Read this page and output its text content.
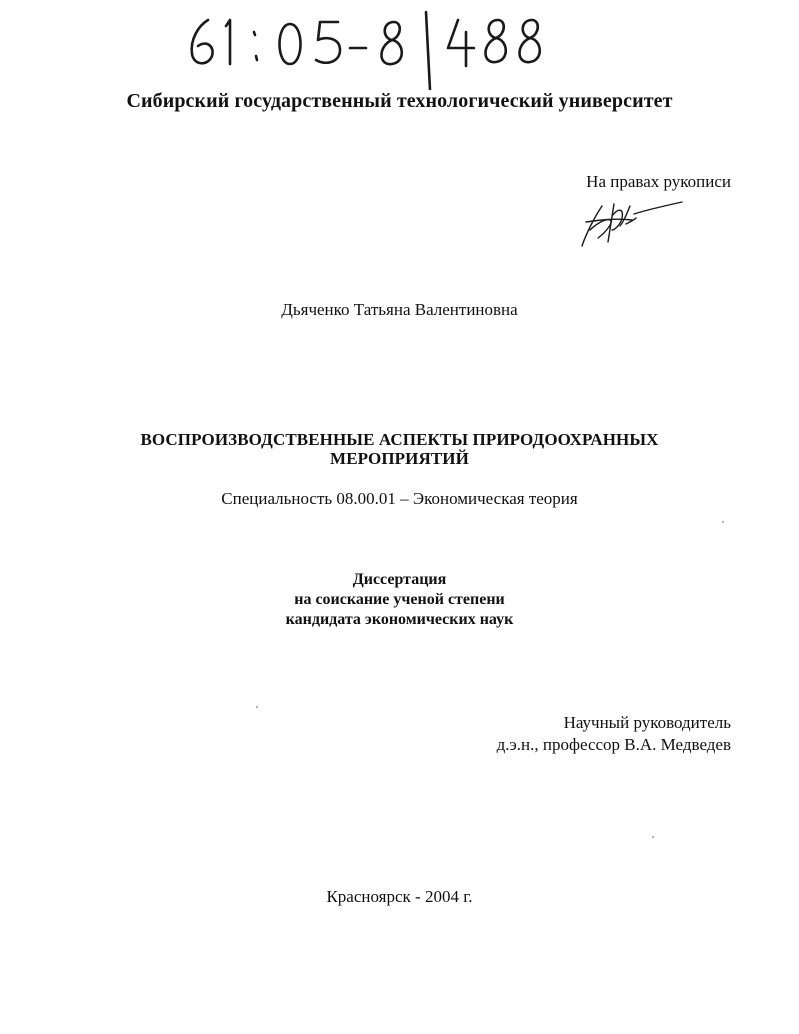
Сибирский государственный технологический университет
На правах рукописи
Дьяченко Татьяна Валентиновна
ВОСПРОИЗВОДСТВЕННЫЕ АСПЕКТЫ ПРИРОДООХРАННЫХ
МЕРОПРИЯТИЙ
Специальность 08.00.01 – Экономическая теория
Диссертация
на соискание ученой степени
кандидата экономических наук
Научный руководитель
д.э.н., профессор В.А. Медведев
Красноярск - 2004 г.
